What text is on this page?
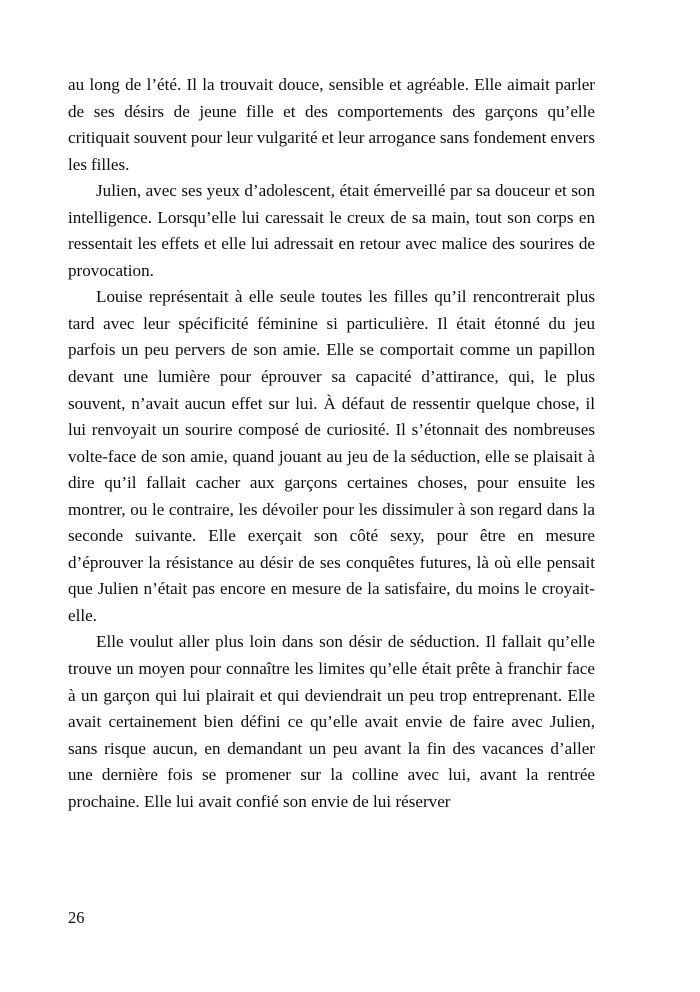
au long de l’été. Il la trouvait douce, sensible et agréable. Elle aimait parler de ses désirs de jeune fille et des comportements des garçons qu’elle critiquait souvent pour leur vulgarité et leur arrogance sans fondement envers les filles.

Julien, avec ses yeux d’adolescent, était émerveillé par sa douceur et son intelligence. Lorsqu’elle lui caressait le creux de sa main, tout son corps en ressentait les effets et elle lui adressait en retour avec malice des sourires de provocation.

Louise représentait à elle seule toutes les filles qu’il rencontrerait plus tard avec leur spécificité féminine si particulière. Il était étonné du jeu parfois un peu pervers de son amie. Elle se comportait comme un papillon devant une lumière pour éprouver sa capacité d’attirance, qui, le plus souvent, n’avait aucun effet sur lui. À défaut de ressentir quelque chose, il lui renvoyait un sourire composé de curiosité. Il s’étonnait des nombreuses volte-face de son amie, quand jouant au jeu de la séduction, elle se plaisait à dire qu’il fallait cacher aux garçons certaines choses, pour ensuite les montrer, ou le contraire, les dévoiler pour les dissimuler à son regard dans la seconde suivante. Elle exerçait son côté sexy, pour être en mesure d’éprouver la résistance au désir de ses conquêtes futures, là où elle pensait que Julien n’était pas encore en mesure de la satisfaire, du moins le croyait-elle.

Elle voulut aller plus loin dans son désir de séduction. Il fallait qu’elle trouve un moyen pour connaître les limites qu’elle était prête à franchir face à un garçon qui lui plairait et qui deviendrait un peu trop entreprenant. Elle avait certainement bien défini ce qu’elle avait envie de faire avec Julien, sans risque aucun, en demandant un peu avant la fin des vacances d’aller une dernière fois se promener sur la colline avec lui, avant la rentrée prochaine. Elle lui avait confié son envie de lui réserver

26
